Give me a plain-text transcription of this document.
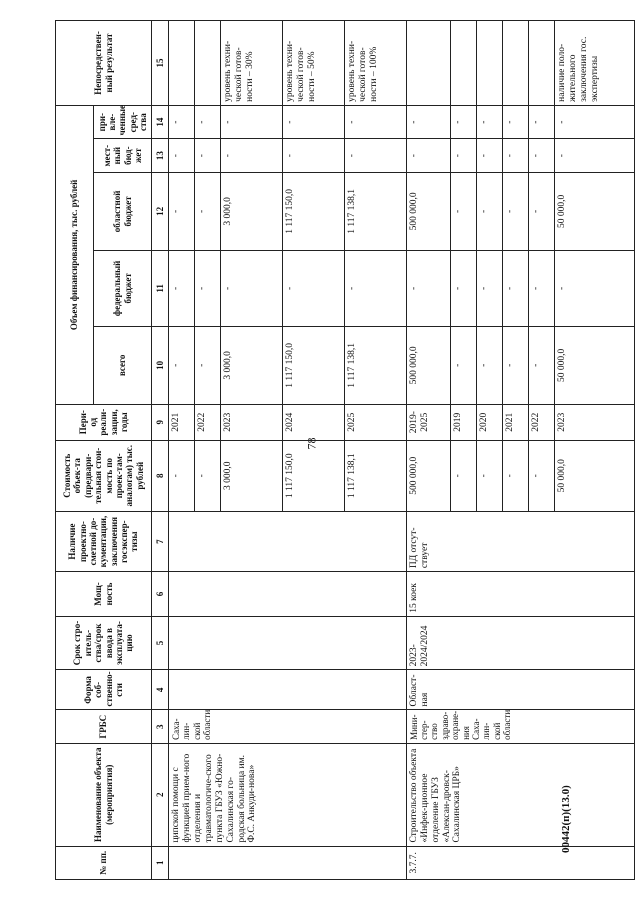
78
№ пп.	Наименование объекта (мероприятия)	ГРБС	Форма соб-ственно-сти	Срок стро-итель-ства/срок ввода в эксплуата-цию	Мощ-ность	Наличие проектно-сметной до-кументации, заключения госэкспер-тизы	Стоимость объек-та (предвари-тельная стои-мость по проек-там-аналогам) тыс. рублей	Пери-од реали-зации, годы	Объем финансирования, тыс. рублей					Непосредствен-ный результат
									всего	федеральный бюджет	областной бюджет	мест-ный бюд-жет	при-вле-ченные сред-ства	
1	2	3	4	5	6	7	8	9	10	11	12	13	14	15
	ципской помощи с функцией прием-ного отделения и травматологиче-ского пункта ГБУЗ «Южно-Сахалинская го-родская больница им. Ф.С. Анкуди-нова»	Саха-лин-ской области					-	2021	-	-	-	-	-	
							-	2022	-	-	-	-	-	
							3 000,0	2023	3 000,0	-	3 000,0	-	-	уровень техни-ческой готов-ности – 30%
							1 117 150,0	2024	1 117 150,0	-	1 117 150,0	-	-	уровень техни-ческой готов-ности – 50%
							1 117 138,1	2025	1 117 138,1	-	1 117 138,1	-	-	уровень техни-ческой готов-ности – 100%
3.7.7.	Строительство объекта «Инфек-ционное отделение ГБУЗ «Алексан-дровск-Сахалинская ЦРБ»	Мини-стер-ство здраво-охране-ния Саха-лин-ской области	Област-ная	2023-2024/2024	15 коек	ПД отсут-ствует	500 000,0	2019-2025	500 000,0	-	500 000,0	-	-	
							-	2019	-	-	-	-	-	
							-	2020	-	-	-	-	-	
							-	2021	-	-	-	-	-	
							-	2022	-	-	-	-	-	
							50 000,0	2023	50 000,0	-	50 000,0	-	-	наличие поло-жительного заключения гос. экспертизы
00442(п)(13.0)
